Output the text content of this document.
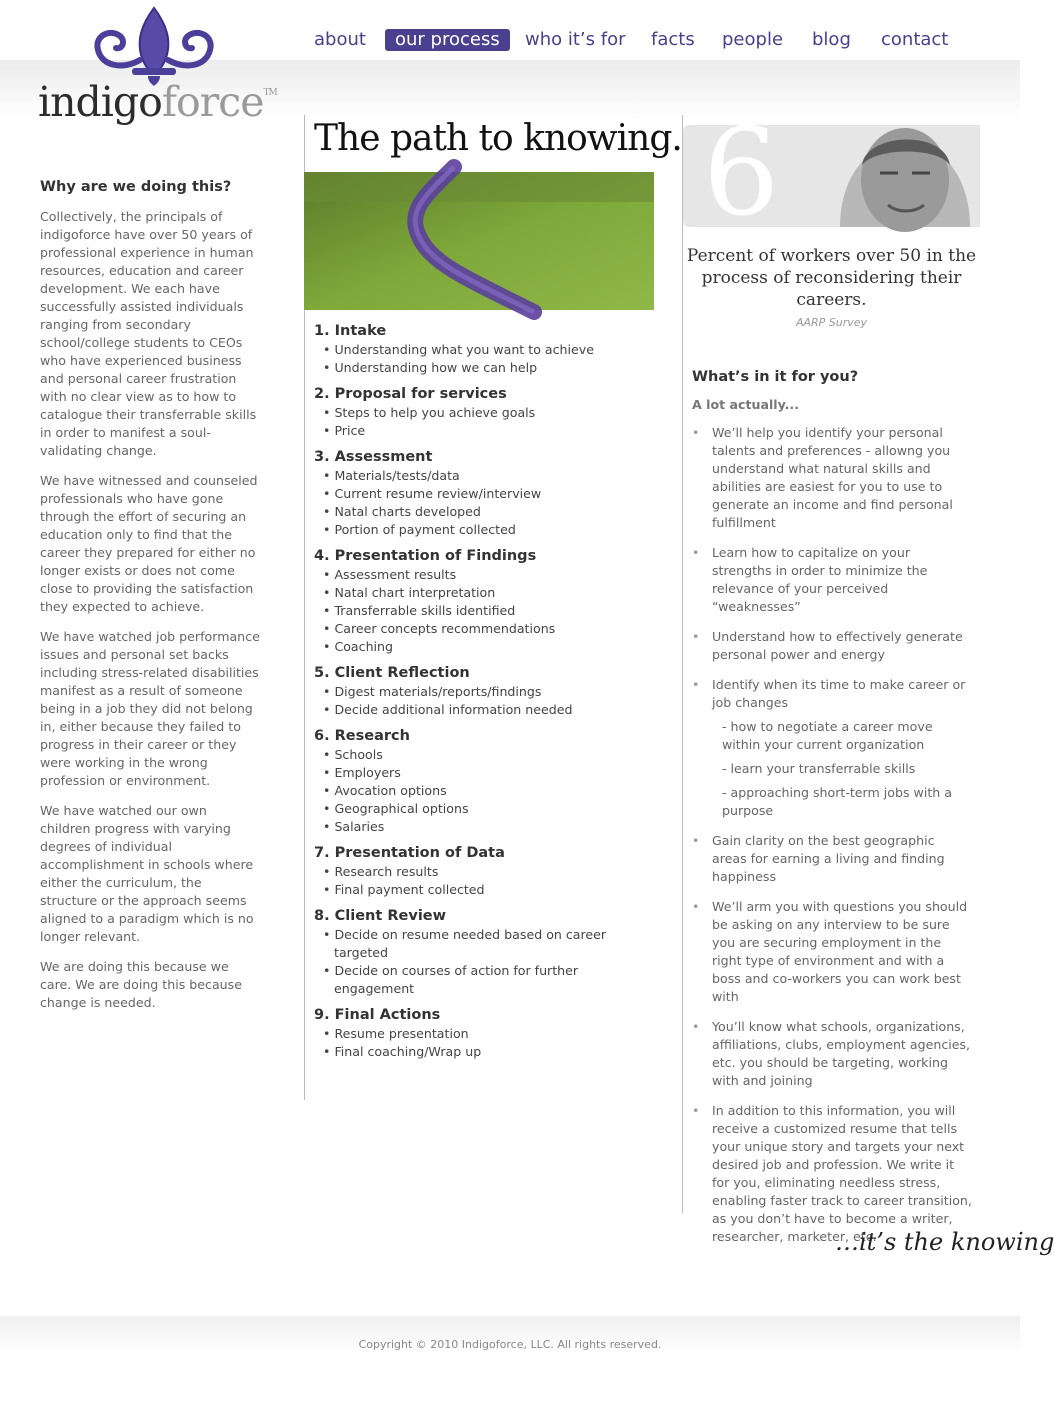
indigoforce™
about	our process	who it’s for facts people blog contact
Why are we doing this?

Collectively, the principals of indigoforce have over 50 years of professional experience in human resources, education and career development. We each have successfully assisted individuals ranging from secondary school/college students to CEOs who have experienced business and personal career frustration with no clear view as to how to catalogue their transferrable skills in order to manifest a soul-validating change.

We have witnessed and counseled professionals who have gone through the effort of securing an education only to find that the career they prepared for either no longer exists or does not come close to providing the satisfaction they expected to achieve.

We have watched job performance issues and personal set backs including stress-related disabilities manifest as a result of someone being in a job they did not belong in, either because they failed to progress in their career or they were working in the wrong profession or environment.

We have watched our own children progress with varying degrees of individual accomplishment in schools where either the curriculum, the structure or the approach seems aligned to a paradigm which is no longer relevant.

We are doing this because we care. We are doing this because change is needed.

The path to knowing.
1. Intake
• Understanding what you want to achieve
• Understanding how we can help
2. Proposal for services
• Steps to help you achieve goals
• Price
3. Assessment
• Materials/tests/data
• Current resume review/interview
• Natal charts developed
• Portion of payment collected
4. Presentation of Findings
• Assessment results
• Natal chart interpretation
• Transferrable skills identified
• Career concepts recommendations
• Coaching
5. Client Reflection
• Digest materials/reports/findings
• Decide additional information needed
6. Research
• Schools
• Employers
• Avocation options
• Geographical options
• Salaries
7. Presentation of Data
• Research results
• Final payment collected
8. Client Review
• Decide on resume needed based on career targeted
• Decide on courses of action for further engagement
9. Final Actions
• Resume presentation
• Final coaching/Wrap up
6
Percent of workers over 50 in the process of reconsidering their careers.
AARP Survey
What’s in it for you?
A lot actually...
• We’ll help you identify your personal talents and preferences - allowng you understand what natural skills and abilities are easiest for you to use to generate an income and find personal fulfillment
• Learn how to capitalize on your strengths in order to minimize the relevance of your perceived “weaknesses”
• Understand how to effectively generate personal power and energy
• Identify when its time to make career or job changes
- how to negotiate a career move within your current organization
- learn your transferrable skills
- approaching short-term jobs with a purpose
• Gain clarity on the best geographic areas for earning a living and finding happiness
• We’ll arm you with questions you should be asking on any interview to be sure you are securing employment in the right type of environment and with a boss and co-workers you can work best with
• You’ll know what schools, organizations, affiliations, clubs, employment agencies, etc. you should be targeting, working with and joining
• In addition to this information, you will receive a customized resume that tells your unique story and targets your next desired job and profession. We write it for you, eliminating needless stress, enabling faster track to career transition, as you don’t have to become a writer, researcher, marketer, etc.
…it’s the knowing
Copyright © 2010 Indigoforce, LLC. All rights reserved.
